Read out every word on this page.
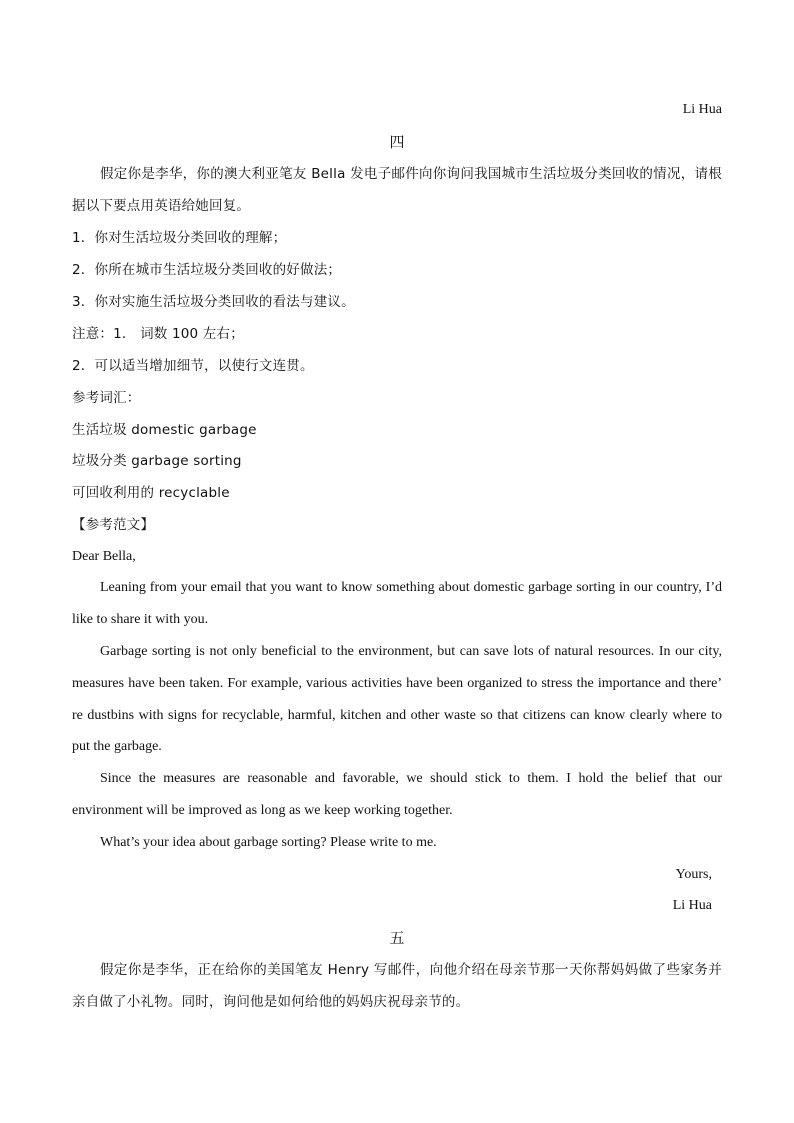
Li Hua
四
假定你是李华，你的澳大利亚笔友 Bella 发电子邮件向你询问我国城市生活垃圾分类回收的情况，请根
据以下要点用英语给她回复。
1．你对生活垃圾分类回收的理解；
2．你所在城市生活垃圾分类回收的好做法；
3．你对实施生活垃圾分类回收的看法与建议。
注意：1． 词数 100 左右；
2．可以适当增加细节，以使行文连贯。
参考词汇：
生活垃圾 domestic garbage
垃圾分类 garbage sorting
可回收利用的 recyclable
【参考范文】
Dear Bella,
Leaning from your email that you want to know something about domestic garbage sorting in our country, I’d
like to share it with you.
Garbage sorting is not only beneficial to the environment, but can save lots of natural resources. In our city,
measures have been taken. For example, various activities have been organized to stress the importance and there’
re dustbins with signs for recyclable, harmful, kitchen and other waste so that citizens can know clearly where to
put the garbage.
Since the measures are reasonable and favorable, we should stick to them. I hold the belief that our
environment will be improved as long as we keep working together.
What’s your idea about garbage sorting? Please write to me.
Yours,
Li Hua
五
假定你是李华，正在给你的美国笔友 Henry 写邮件，向他介绍在母亲节那一天你帮妈妈做了些家务并
亲自做了小礼物。同时，询问他是如何给他的妈妈庆祝母亲节的。
